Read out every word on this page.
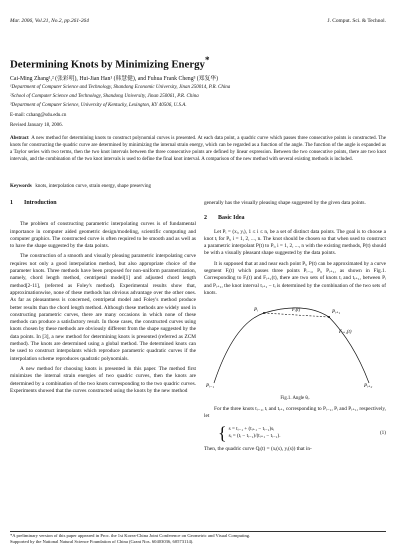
Mar. 2006, Vol.21, No.2, pp.261-264	J. Comput. Sci. & Technol.
Determining Knots by Minimizing Energy*
Cai-Ming Zhang¹,² (张彩明), Hui-Jian Han¹ (韩慧健), and Fuhua Frank Cheng³ (郑复华)
¹Department of Computer Science and Technology, Shandong Economic University, Jinan 250014, P.R. China
²School of Computer Science and Technology, Shandong University, Jinan 250061, P.R. China
³Department of Computer Science, University of Kentucky, Lexington, KY 40506, U.S.A.
E-mail: czhang@sdu.edu.cn
Revised January 18, 2006.
Abstract A new method for determining knots to construct polynomial curves is presented. At each data point, a quadric curve which passes three consecutive points is constructed. The knots for constructing the quadric curve are determined by minimizing the internal strain energy, which can be regarded as a function of the angle. The function of the angle is expanded as a Taylor series with two terms, then the two knot intervals between the three consecutive points are defined by linear expression. Between the two consecutive points, there are two knot intervals, and the combination of the two knot intervals is used to define the final knot interval. A comparison of the new method with several existing methods is included.
Keywords knots, interpolation curve, strain energy, shape preserving
1 Introduction

The problem of constructing parametric interpolating curves is of fundamental importance in computer aided geometric design/modeling, scientific computing and computer graphics. The constructed curve is often required to be smooth and as well as to have the shape suggested by the data points.

The construction of a smooth and visually pleasing parametric interpolating curve requires not only a good interpolation method, but also appropriate choice of the parameter knots. Three methods have been proposed for non-uniform parametrization, namely, chord length method, centripetal model[1] and adjusted chord length method[2-11], (referred as Foley's method). Experimental results show that, approximationwise, none of these methods has obvious advantage over the other ones. As far as pleasantness is concerned, centripetal model and Foley's method produce better results than the chord length method. Although these methods are widely used in constructing parametric curves, there are many occasions in which none of these methods can produce a satisfactory result. In those cases, the constructed curves using knots chosen by these methods are obviously different from the shape suggested by the data points. In [3], a new method for determining knots is presented (referred as ZCM method). The knots are determined using a global method. The determined knots can be used to construct interpolants which reproduce parametric quadratic curves if the interpolation scheme reproduces quadratic polynomials.

A new method for choosing knots is presented in this paper. The method first minimizes the internal strain energies of two quadric curves, then the knots are determined by a combination of the two knots corresponding to the two quadric curves. Experiments showed that the curves constructed using the knots by the new method

generally has the visually pleasing shape suggested by the given data points.

2 Basic Idea

Let Pᵢ = (xᵢ, yᵢ), 1 ≤ i ≤ n, be a set of distinct data points. The goal is to choose a knot tᵢ for Pᵢ, i = 1, 2, ..., n. The knot should be chosen so that when used to construct a parametric interpolant P(t) to Pᵢ, i = 1, 2, ..., n with the existing methods, P(t) should be with a visually pleasant shape suggested by the data points.

It is supposed that at and near each point Pᵢ, P(t) can be approximated by a curve segment Fᵢ(t) which passes three points Pᵢ₋₁, Pᵢ, Pᵢ₊₁, as shown in Fig.1. Corresponding to Fᵢ(t) and Fᵢ₊₁(t), there are two sets of knots tᵢ and tᵢ₊₁, between Pᵢ and Pᵢ₊₁, the knot interval tᵢ₊₁ − tᵢ is determined by the combination of the two sets of knots.

Pᵢ	Pᵢ₊₁
Fᵢ(t)
Fᵢ₊₁(t)
Pᵢ₋₁	Pᵢ₊₂
Fig.1. Angle θᵢ.

For the three knots tᵢ₋₁, tᵢ and tᵢ₊₁ corresponding to Pᵢ₋₁, Pᵢ and Pᵢ₊₁, respectively, let

{ s = tᵢ₋₁ + (tᵢ₊₁ − tᵢ₋₁)sᵢ
sᵢ = (tᵢ − tᵢ₋₁)/(tᵢ₊₁ − tᵢ₋₁).
(1)

Then, the quadric curve Qᵢ(t) = (xᵢ(s), yᵢ(s)) that in-

*A preliminary version of this paper appeared in Proc. the 1st Korea-China Joint Conference on Geometric and Visual Computing.
Supported by the National Natural Science Foundation of China (Grant Nos. 60403036, 60573114).
